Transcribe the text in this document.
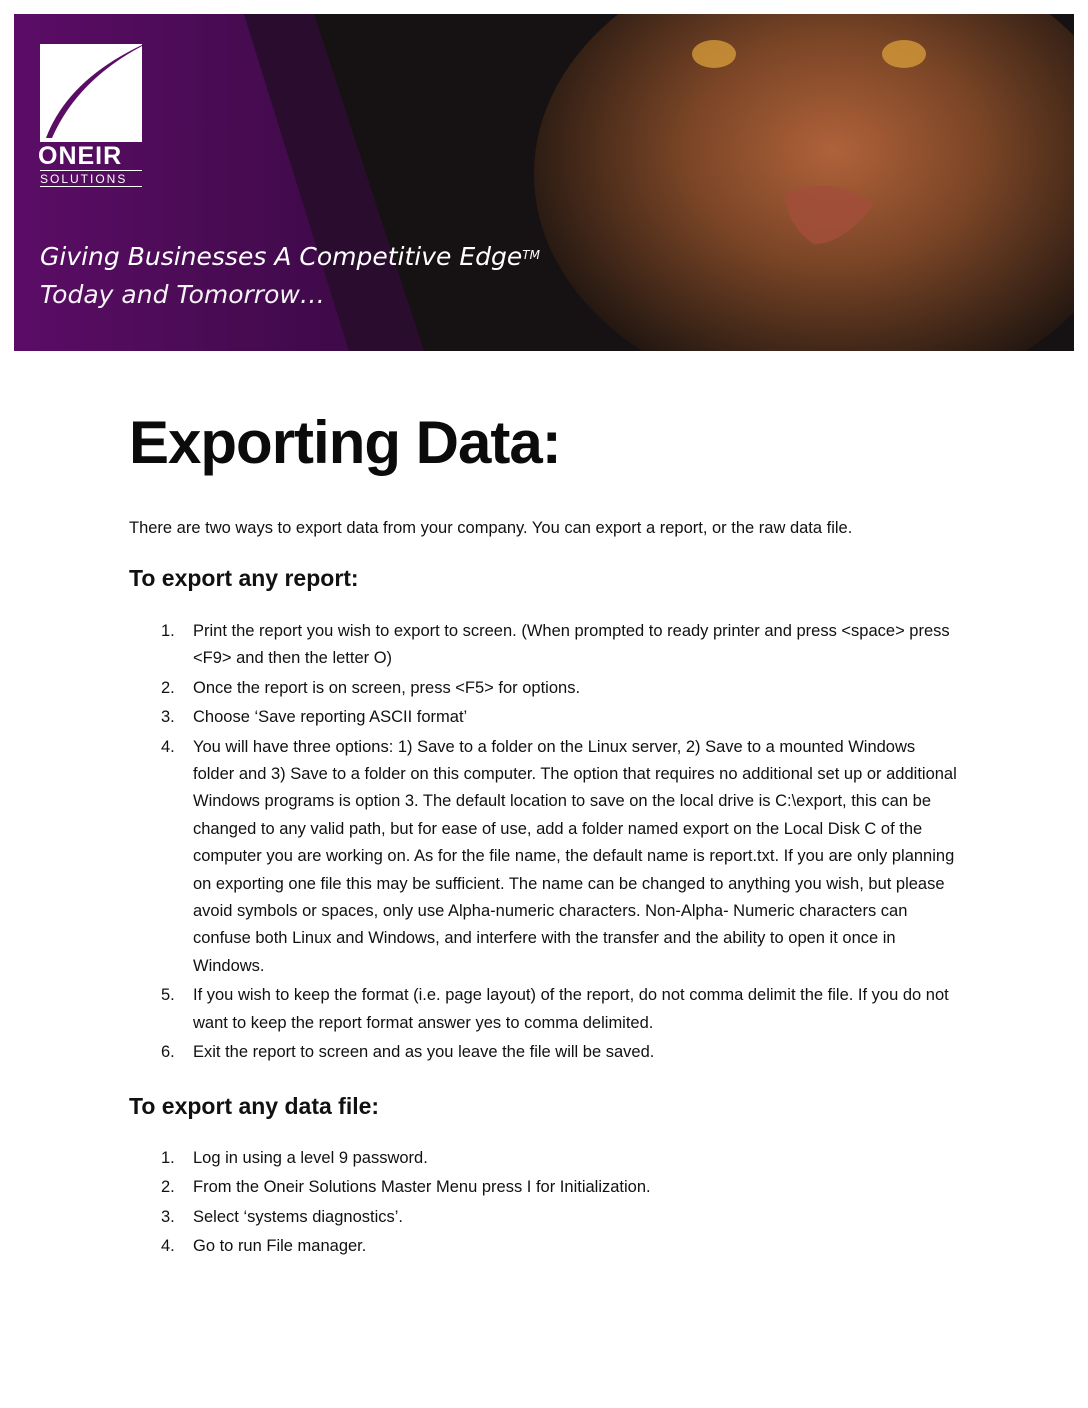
ONEIR
SOLUTIONS
Giving Businesses A Competitive Edge™
Today and Tomorrow…
Exporting Data:
There are two ways to export data from your company. You can export a report, or the raw data file.
To export any report:
1. Print the report you wish to export to screen. (When prompted to ready printer and press <space> press <F9> and then the letter O)
2. Once the report is on screen, press <F5> for options.
3. Choose ‘Save reporting ASCII format’
4. You will have three options: 1) Save to a folder on the Linux server, 2) Save to a mounted Windows folder and 3) Save to a folder on this computer. The option that requires no additional set up or additional Windows programs is option 3. The default location to save on the local drive is C:\export, this can be changed to any valid path, but for ease of use, add a folder named export on the Local Disk C of the computer you are working on. As for the file name, the default name is report.txt. If you are only planning on exporting one file this may be sufficient. The name can be changed to anything you wish, but please avoid symbols or spaces, only use Alpha-numeric characters. Non-Alpha- Numeric characters can confuse both Linux and Windows, and interfere with the transfer and the ability to open it once in Windows.
5. If you wish to keep the format (i.e. page layout) of the report, do not comma delimit the file. If you do not want to keep the report format answer yes to comma delimited.
6. Exit the report to screen and as you leave the file will be saved.
To export any data file:
1. Log in using a level 9 password.
2. From the Oneir Solutions Master Menu press I for Initialization.
3. Select ‘systems diagnostics’.
4. Go to run File manager.
